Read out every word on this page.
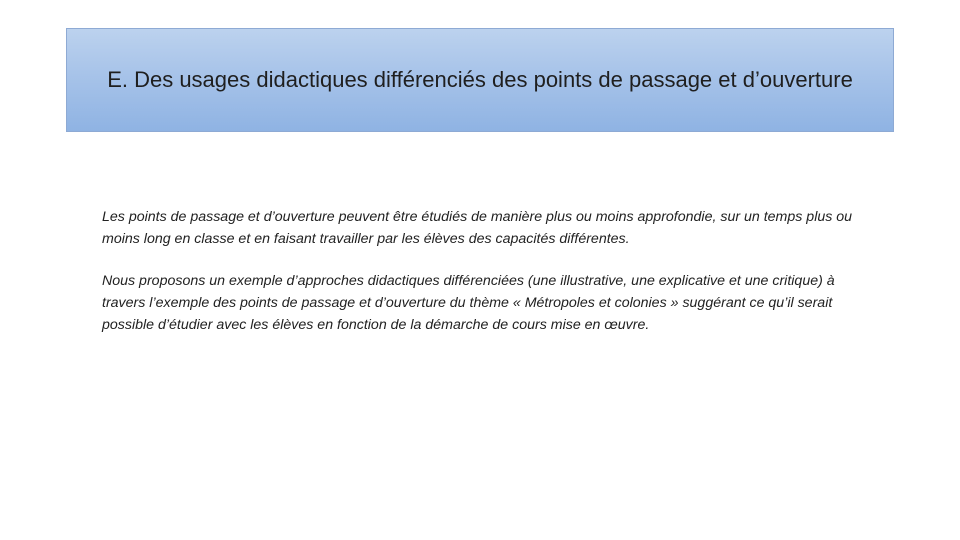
E. Des usages didactiques différenciés des points de passage et d’ouverture

Les points de passage et d’ouverture peuvent être étudiés de manière plus ou moins approfondie, sur un temps plus ou moins long en classe et en faisant travailler par les élèves des capacités différentes.

Nous proposons un exemple d’approches didactiques différenciées (une illustrative, une explicative et une critique) à travers l’exemple des points de passage et d’ouverture du thème « Métropoles et colonies » suggérant ce qu’il serait possible d’étudier avec les élèves en fonction de la démarche de cours mise en œuvre.
